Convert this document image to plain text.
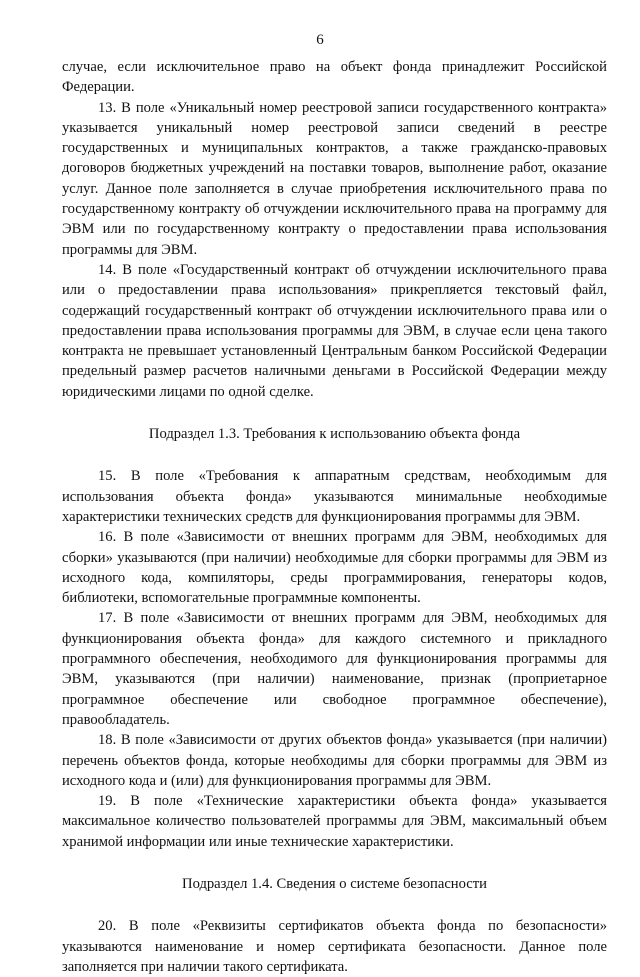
6

случае, если исключительное право на объект фонда принадлежит Российской Федерации.

13. В поле «Уникальный номер реестровой записи государственного контракта» указывается уникальный номер реестровой записи сведений в реестре государственных и муниципальных контрактов, а также гражданско-правовых договоров бюджетных учреждений на поставки товаров, выполнение работ, оказание услуг. Данное поле заполняется в случае приобретения исключительного права по государственному контракту об отчуждении исключительного права на программу для ЭВМ или по государственному контракту о предоставлении права использования программы для ЭВМ.

14. В поле «Государственный контракт об отчуждении исключительного права или о предоставлении права использования» прикрепляется текстовый файл, содержащий государственный контракт об отчуждении исключительного права или о предоставлении права использования программы для ЭВМ, в случае если цена такого контракта не превышает установленный Центральным банком Российской Федерации предельный размер расчетов наличными деньгами в Российской Федерации между юридическими лицами по одной сделке.

Подраздел 1.3. Требования к использованию объекта фонда

15. В поле «Требования к аппаратным средствам, необходимым для использования объекта фонда» указываются минимальные необходимые характеристики технических средств для функционирования программы для ЭВМ.

16. В поле «Зависимости от внешних программ для ЭВМ, необходимых для сборки» указываются (при наличии) необходимые для сборки программы для ЭВМ из исходного кода, компиляторы, среды программирования, генераторы кодов, библиотеки, вспомогательные программные компоненты.

17. В поле «Зависимости от внешних программ для ЭВМ, необходимых для функционирования объекта фонда» для каждого системного и прикладного программного обеспечения, необходимого для функционирования программы для ЭВМ, указываются (при наличии) наименование, признак (проприетарное программное обеспечение или свободное программное обеспечение), правообладатель.

18. В поле «Зависимости от других объектов фонда» указывается (при наличии) перечень объектов фонда, которые необходимы для сборки программы для ЭВМ из исходного кода и (или) для функционирования программы для ЭВМ.

19. В поле «Технические характеристики объекта фонда» указывается максимальное количество пользователей программы для ЭВМ, максимальный объем хранимой информации или иные технические характеристики.

Подраздел 1.4. Сведения о системе безопасности

20. В поле «Реквизиты сертификатов объекта фонда по безопасности» указываются наименование и номер сертификата безопасности. Данное поле заполняется при наличии такого сертификата.
